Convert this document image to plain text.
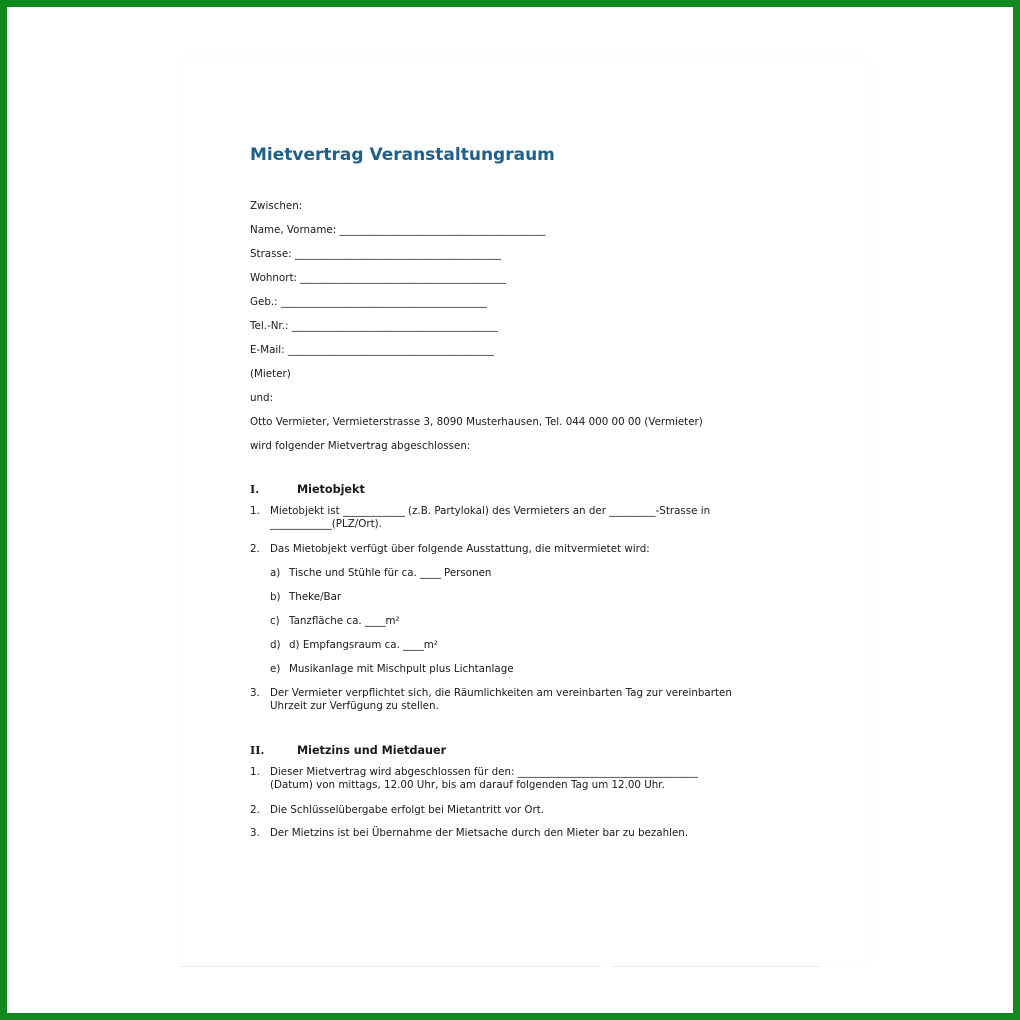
Mietvertrag Veranstaltungraum
Zwischen:
Name, Vorname: ________________________________________
Strasse: ________________________________________
Wohnort: ________________________________________
Geb.: ________________________________________
Tel.-Nr.: ________________________________________
E-Mail: ________________________________________
(Mieter)
und:
Otto Vermieter, Vermieterstrasse 3, 8090 Musterhausen, Tel. 044 000 00 00 (Vermieter)
wird folgender Mietvertrag abgeschlossen:
I.	Mietobjekt
1. Mietobjekt ist ____________ (z.B. Partylokal) des Vermieters an der _________-Strasse in ____________(PLZ/Ort).
2. Das Mietobjekt verfügt über folgende Ausstattung, die mitvermietet wird:
a) Tische und Stühle für ca. ____ Personen
b) Theke/Bar
c) Tanzfläche ca. ____m²
d) d) Empfangsraum ca. ____m²
e) Musikanlage mit Mischpult plus Lichtanlage
3. Der Vermieter verpflichtet sich, die Räumlichkeiten am vereinbarten Tag zur vereinbarten Uhrzeit zur Verfügung zu stellen.
II.	Mietzins und Mietdauer
1. Dieser Mietvertrag wird abgeschlossen für den: ___________________________________ (Datum) von mittags, 12.00 Uhr, bis am darauf folgenden Tag um 12.00 Uhr.
2. Die Schlüsselübergabe erfolgt bei Mietantritt vor Ort.
3. Der Mietzins ist bei Übernahme der Mietsache durch den Mieter bar zu bezahlen.
